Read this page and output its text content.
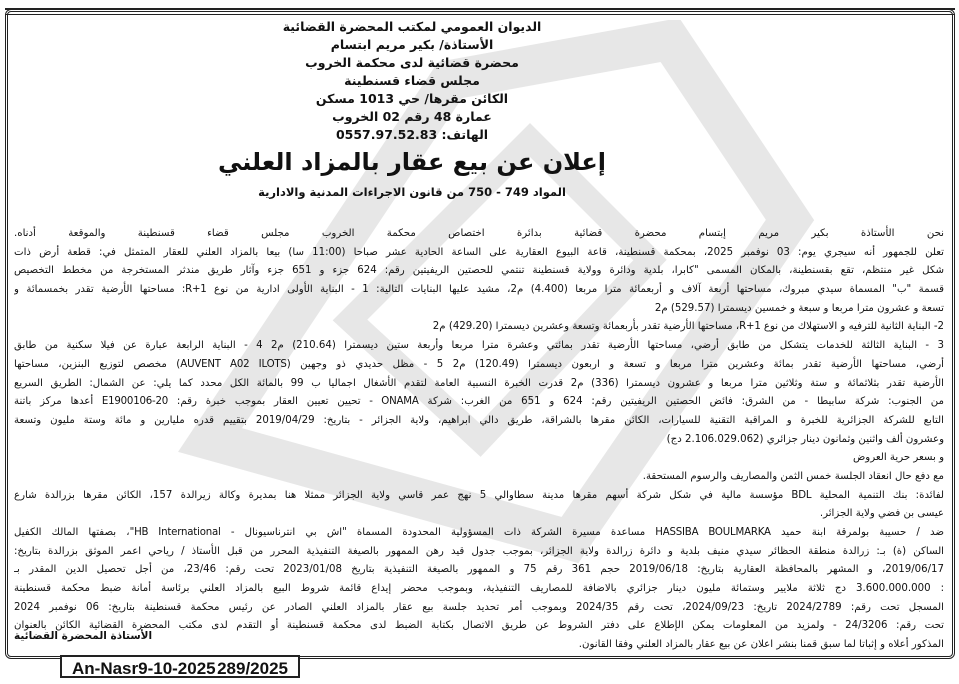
الديوان العمومي لمكتب المحضرة القضائية
الأستاذة/ بكير مريم ابتسام
محضرة قضائية لدى محكمة الخروب
مجلس قضاء قسنطينة
الكائن مقرها/ حي 1013 مسكن
عمارة 48 رقم 02 الخروب
الهاتف: 0557.97.52.83
إعلان عن بيع عقار بالمزاد العلني
المواد 749 - 750 من قانون الاجراءات المدنية والادارية
نحن الأستاذة بكير مريم إبتسام محضرة قضائية بدائرة اختصاص محكمة الخروب مجلس قضاء قسنطينة والموقعة أدناه.
تعلن للجمهور أنه سيجري يوم: 03 نوفمبر 2025، بمحكمة قسنطينة، قاعة البيوع العقارية على الساعة الحادية عشر صباحا (11:00 سا) بيعا بالمزاد العلني للعقار المتمثل في: قطعة أرض ذات
شكل غير منتظم، تقع بقسنطينة، بالمكان المسمى "كابرا، بلدية ودائرة وولاية قسنطينة تنتمي للحصتين الريفيتين رقم: 624 جزء و 651 جزء وآثار طريق مندثر المستخرجة من مخطط التخصيص
قسمة "ب" المسماة سيدي مبروك، مساحتها أربعة آلاف و أربعمائة مترا مربعا (4.400) م2، مشيد عليها البنايات التالية: 1 - البناية الأولى ادارية من نوع R+1: مساحتها الأرضية تقدر بخمسمائة و
تسعة و عشرون مترا مربعا و سبعة و خمسين ديسمترا (529.57) م2
2- البناية الثانية للترفيه و الاستهلاك من نوع R+1، مساحتها الأرضية تقدر بأربعمائة وتسعة وعشرين ديسمترا (429.20) م2
3 - البناية الثالثة للخدمات يتشكل من طابق أرضي، مساحتها الأرضية تقدر بمائتي وعشرة مترا مربعا وأربعة ستين ديسمترا (210.64) م2 4 - البناية الرابعة عبارة عن فيلا سكنية من طابق
أرضي، مساحتها الأرضية تقدر بمائة وعشرين مترا مربعا و تسعة و اربعون ديسمترا (120.49) م2 5 - مظل حديدي ذو وجهين (AUVENT A02 ILOTS) مخصص لتوزيع البنزين، مساحتها
الأرضية تقدر بثلاثمائة و ستة وثلاثين مترا مربعا و عشرون ديسمترا (336) م2 قدرت الخبرة النسبية العامة لتقدم الأشغال اجماليا ب 99 بالمائة الكل محدد كما يلي: عن الشمال: الطريق السريع
من الجنوب: شركة سابيطا - من الشرق: فائض الحصتين الريفيتين رقم: 624 و 651 من الغرب: شركة ONAMA - تحيين تعيين العقار بموجب خبرة رقم: E1900106-20 أعدها مركز باتنة
التابع للشركة الجزائرية للخبرة و المراقبة التقنية للسيارات، الكائن مقرها بالشراقة، طريق دالي ابراهيم، ولاية الجزائر - بتاريخ: 2019/04/29 بتقييم قدره مليارين و مائة وستة مليون وتسعة
وعشرون ألف واثنين وثمانون دينار جزائري (2.106.029.062 دج)
و بسعر حرية العروض
مع دفع حال انعقاد الجلسة خمس الثمن والمصاريف والرسوم المستحقة.
لفائدة: بنك التنمية المحلية BDL مؤسسة مالية في شكل شركة أسهم مقرها مدينة سطاوالي 5 نهج عمر قاسي ولاية الجزائر ممثلا هنا بمديرة وكالة زيرالدة 157، الكائن مقرها بزرالدة شارع
عيسى بن فضي ولاية الجزائر.
ضد / حسيبة بولمرقة ابنة حميد HASSIBA BOULMARKA مساعدة مسيرة الشركة ذات المسؤولية المحدودة المسماة "اش بي انترناسيونال - HB International"، بصفتها المالك الكفيل
الساكن (ة) بـ: زرالدة منطقة الحظائر سيدي منيف بلدية و دائرة زرالدة ولاية الجزائر، بموجب جدول قيد رهن الممهور بالصيغة التنفيذية المحرر من قبل الأستاذ / رياحي اعمر الموثق بزرالدة بتاريخ:
2019/06/17، و المشهر بالمحافظة العقارية بتاريخ: 2019/06/18 حجم 361 رقم 75 و الممهور بالصيغة التنفيذية بتاريخ 2023/01/08 تحت رقم: 23/46، من أجل تحصيل الدين المقدر بـ
: 3.600.000.000 دج ثلاثة ملايير وستمائة مليون دينار جزائري بالاضافة للمصاريف التنفيذية، وبموجب محضر إيداع قائمة شروط البيع بالمزاد العلني برئاسة أمانة ضبط محكمة قسنطينة
المسجل تحت رقم: 2024/2789 تاريخ: 2024/09/23، تحت رقم 2024/35 وبموجب أمر تحديد جلسة بيع عقار بالمزاد العلني الصادر عن رئيس محكمة قسنطينة بتاريخ: 06 نوفمبر 2024
تحت رقم: 24/3206 - ولمزيد من المعلومات يمكن الإطلاع على دفتر الشروط عن طريق الاتصال بكتابة الضبط لدى محكمة قسنطينة أو التقدم لدى مكتب المحضرة القضائية الكائن بالعنوان
المذكور أعلاه و إثباتا لما سبق قمنا بنشر اعلان عن بيع عقار بالمزاد العلني وفقا القانون.
الأستاذة المحضرة القضائية
An-Nasr9-10-2025 289/2025
